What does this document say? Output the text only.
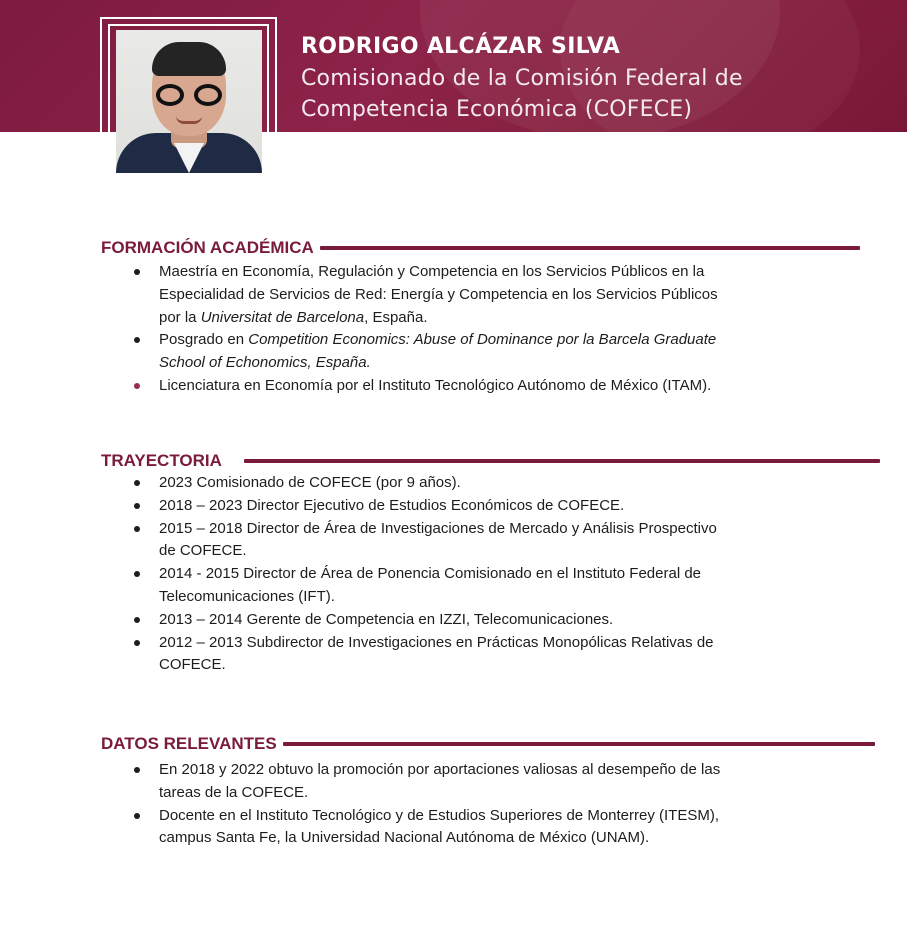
RODRIGO ALCÁZAR SILVA
Comisionado de la Comisión Federal de
Competencia Económica (COFECE)
FORMACIÓN ACADÉMICA
Maestría en Economía, Regulación y Competencia en los Servicios Públicos en la
Especialidad de Servicios de Red: Energía y Competencia en los Servicios Públicos
por la Universitat de Barcelona, España.
Posgrado en Competition Economics: Abuse of Dominance por la Barcela Graduate
School of Echonomics, España.
Licenciatura en Economía por el Instituto Tecnológico Autónomo de México (ITAM).
TRAYECTORIA
2023 Comisionado de COFECE (por 9 años).
2018 – 2023 Director Ejecutivo de Estudios Económicos de COFECE.
2015 – 2018 Director de Área de Investigaciones de Mercado y Análisis Prospectivo
de COFECE.
2014 - 2015 Director de Área de Ponencia Comisionado en el Instituto Federal de
Telecomunicaciones (IFT).
2013 – 2014 Gerente de Competencia en IZZI, Telecomunicaciones.
2012 – 2013 Subdirector de Investigaciones en Prácticas Monopólicas Relativas de
COFECE.
DATOS RELEVANTES
En 2018 y 2022 obtuvo la promoción por aportaciones valiosas al desempeño de las
tareas de la COFECE.
Docente en el Instituto Tecnológico y de Estudios Superiores de Monterrey (ITESM),
campus Santa Fe, la Universidad Nacional Autónoma de México (UNAM).
